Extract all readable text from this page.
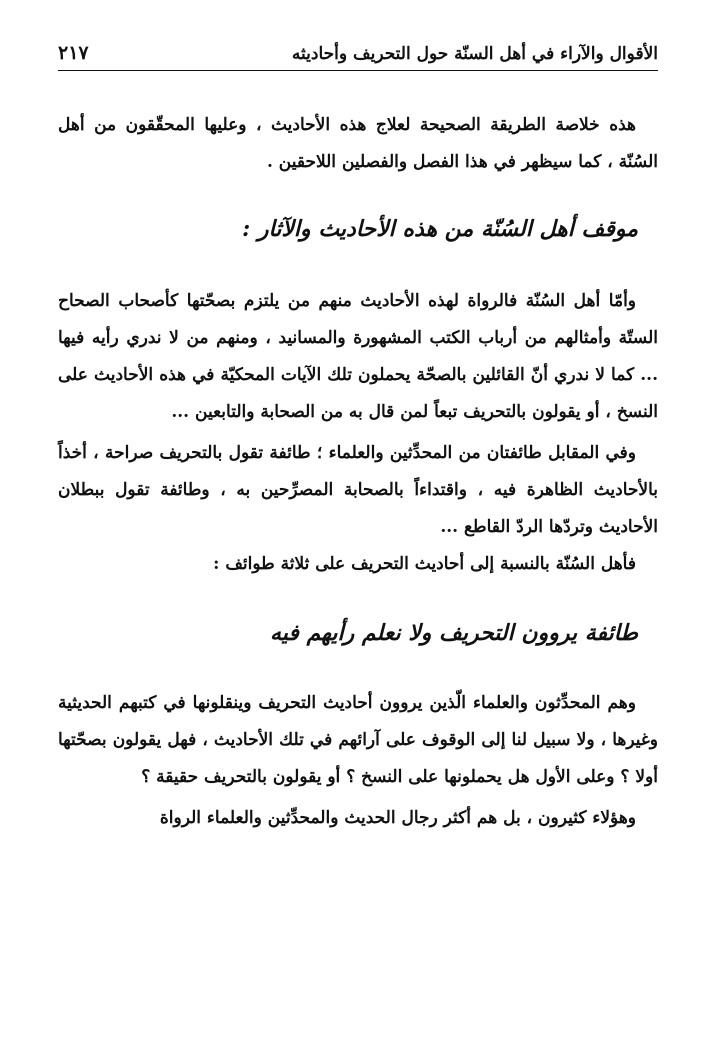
الأقوال والآراء في أهل السنّة حول التحريف وأحاديثه
٢١٧

هذه خلاصة الطريقة الصحيحة لعلاج هذه الأحاديث ، وعليها المحقّقون من أهل السُنّة ، كما سيظهر في هذا الفصل والفصلين اللاحقين .

موقف أهل السُنّة من هذه الأحاديث والآثار :

وأمّا أهل السُنّة فالرواة لهذه الأحاديث منهم من يلتزم بصحّتها كأصحاب الصحاح الستّة وأمثالهم من أرباب الكتب المشهورة والمسانيد ، ومنهم من لا ندري رأيه فيها ... كما لا ندري أنّ القائلين بالصحّة يحملون تلك الآيات المحكيّة في هذه الأحاديث على النسخ ، أو يقولون بالتحريف تبعاً لمن قال به من الصحابة والتابعين ...

وفي المقابل طائفتان من المحدِّثين والعلماء ؛ طائفة تقول بالتحريف صراحة ، أخذاً بالأحاديث الظاهرة فيه ، واقتداءاً بالصحابة المصرِّحين به ، وطائفة تقول ببطلان الأحاديث وتردّها الردّ القاطع ...

فأهل السُنّة بالنسبة إلى أحاديث التحريف على ثلاثة طوائف :

طائفة يروون التحريف ولا نعلم رأيهم فيه

وهم المحدِّثون والعلماء الّذين يروون أحاديث التحريف وينقلونها في كتبهم الحديثية وغيرها ، ولا سبيل لنا إلى الوقوف على آرائهم في تلك الأحاديث ، فهل يقولون بصحّتها أولا ؟ وعلى الأول هل يحملونها على النسخ ؟ أو يقولون بالتحريف حقيقة ؟

وهؤلاء كثيرون ، بل هم أكثر رجال الحديث والمحدِّثين والعلماء الرواة
